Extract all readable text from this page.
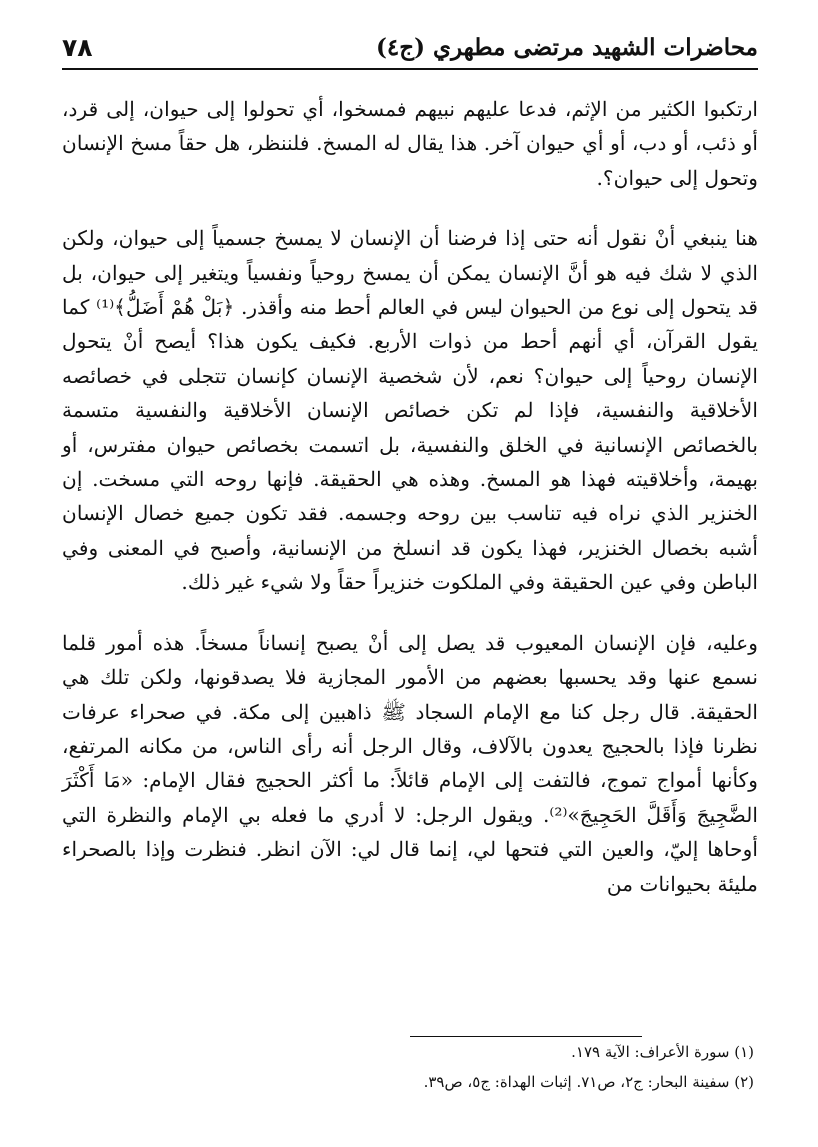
محاضرات الشهيد مرتضى مطهري (ج٤)
٧٨

ارتكبوا الكثير من الإثم، فدعا عليهم نبيهم فمسخوا، أي تحولوا إلى حيوان، إلى قرد، أو ذئب، أو دب، أو أي حيوان آخر. هذا يقال له المسخ. فلننظر، هل حقاً مسخ الإنسان وتحول إلى حيوان؟.

هنا ينبغي أنْ نقول أنه حتى إذا فرضنا أن الإنسان لا يمسخ جسمياً إلى حيوان، ولكن الذي لا شك فيه هو أنَّ الإنسان يمكن أن يمسخ روحياً ونفسياً ويتغير إلى حيوان، بل قد يتحول إلى نوع من الحيوان ليس في العالم أحط منه وأقذر. ﴿بَلْ هُمْ أَضَلُّ﴾⁽¹⁾ كما يقول القرآن، أي أنهم أحط من ذوات الأربع. فكيف يكون هذا؟ أيصح أنْ يتحول الإنسان روحياً إلى حيوان؟ نعم، لأن شخصية الإنسان كإنسان تتجلى في خصائصه الأخلاقية والنفسية، فإذا لم تكن خصائص الإنسان الأخلاقية والنفسية متسمة بالخصائص الإنسانية في الخلق والنفسية، بل اتسمت بخصائص حيوان مفترس، أو بهيمة، وأخلاقيته فهذا هو المسخ. وهذه هي الحقيقة. فإنها روحه التي مسخت. إن الخنزير الذي نراه فيه تناسب بين روحه وجسمه. فقد تكون جميع خصال الإنسان أشبه بخصال الخنزير، فهذا يكون قد انسلخ من الإنسانية، وأصبح في المعنى وفي الباطن وفي عين الحقيقة وفي الملكوت خنزيراً حقاً ولا شيء غير ذلك.

وعليه، فإن الإنسان المعيوب قد يصل إلى أنْ يصبح إنساناً مسخاً. هذه أمور قلما نسمع عنها وقد يحسبها بعضهم من الأمور المجازية فلا يصدقونها، ولكن تلك هي الحقيقة. قال رجل كنا مع الإمام السجاد ﷺ ذاهبين إلى مكة. في صحراء عرفات نظرنا فإذا بالحجيج يعدون بالآلاف، وقال الرجل أنه رأى الناس، من مكانه المرتفع، وكأنها أمواج تموج، فالتفت إلى الإمام قائلاً: ما أكثر الحجيج فقال الإمام: «مَا أَكْثَرَ الضَّجِيجَ وَأَقَلَّ الحَجِيجَ»⁽²⁾. ويقول الرجل: لا أدري ما فعله بي الإمام والنظرة التي أوحاها إليّ، والعين التي فتحها لي، إنما قال لي: الآن انظر. فنظرت وإذا بالصحراء مليئة بحيوانات من

(١) سورة الأعراف: الآية ١٧٩.

(٢) سفينة البحار: ج٢، ص٧١. إثبات الهداة: ج٥، ص٣٩.
